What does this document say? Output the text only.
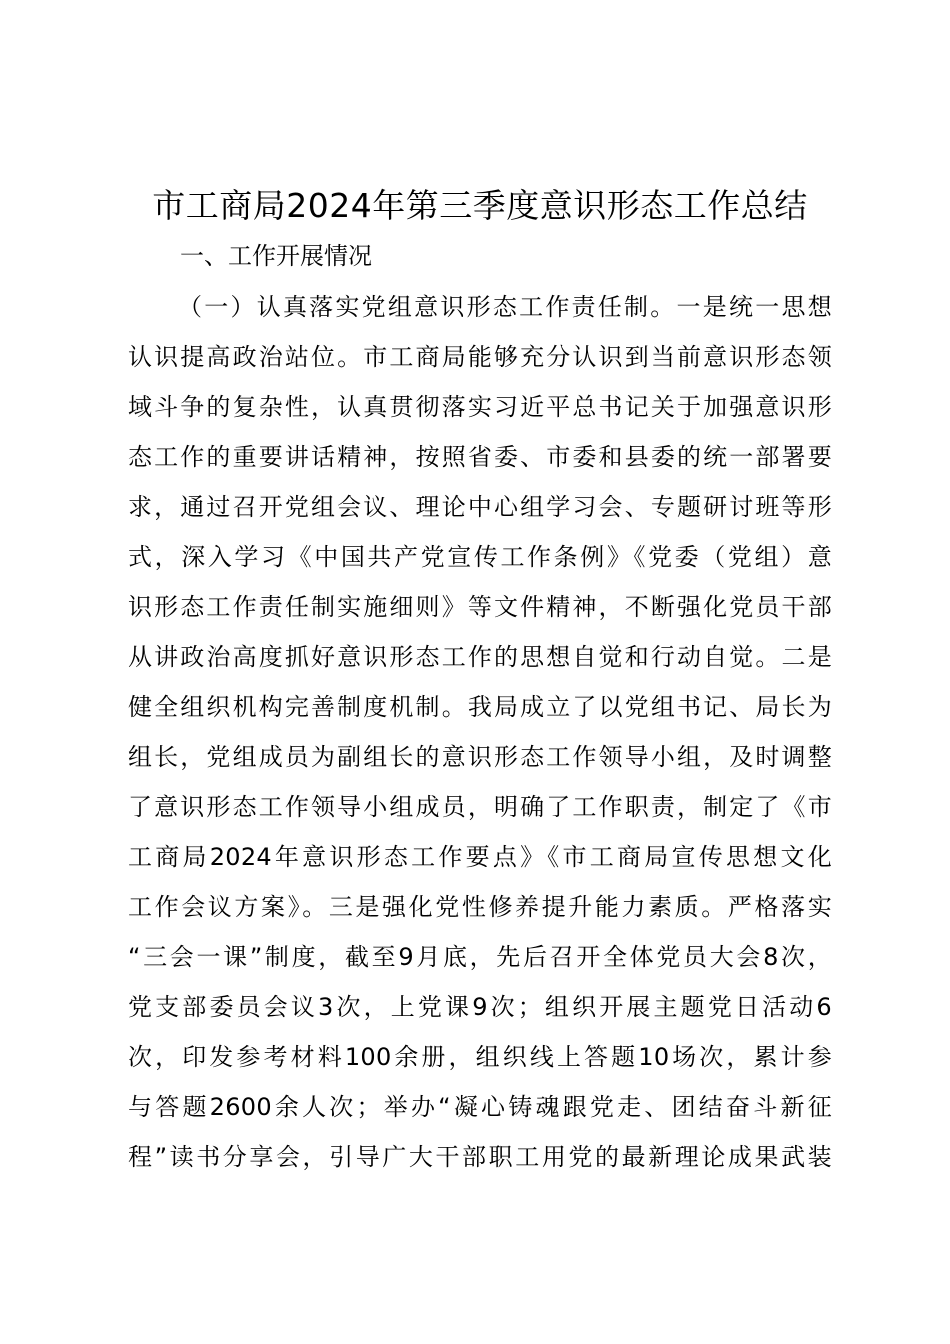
市工商局2024年第三季度意识形态工作总结
一、工作开展情况
（一）认真落实党组意识形态工作责任制。一是统一思想
认识提高政治站位。市工商局能够充分认识到当前意识形态领
域斗争的复杂性，认真贯彻落实习近平总书记关于加强意识形
态工作的重要讲话精神，按照省委、市委和县委的统一部署要
求，通过召开党组会议、理论中心组学习会、专题研讨班等形
式，深入学习《中国共产党宣传工作条例》《党委（党组）意
识形态工作责任制实施细则》等文件精神，不断强化党员干部
从讲政治高度抓好意识形态工作的思想自觉和行动自觉。二是
健全组织机构完善制度机制。我局成立了以党组书记、局长为
组长，党组成员为副组长的意识形态工作领导小组，及时调整
了意识形态工作领导小组成员，明确了工作职责，制定了《市
工商局2024年意识形态工作要点》《市工商局宣传思想文化
工作会议方案》。三是强化党性修养提升能力素质。严格落实
“三会一课”制度，截至9月底，先后召开全体党员大会8次，
党支部委员会议3次，上党课9次；组织开展主题党日活动6
次，印发参考材料100余册，组织线上答题10场次，累计参
与答题2600余人次；举办“凝心铸魂跟党走、团结奋斗新征
程”读书分享会，引导广大干部职工用党的最新理论成果武装
